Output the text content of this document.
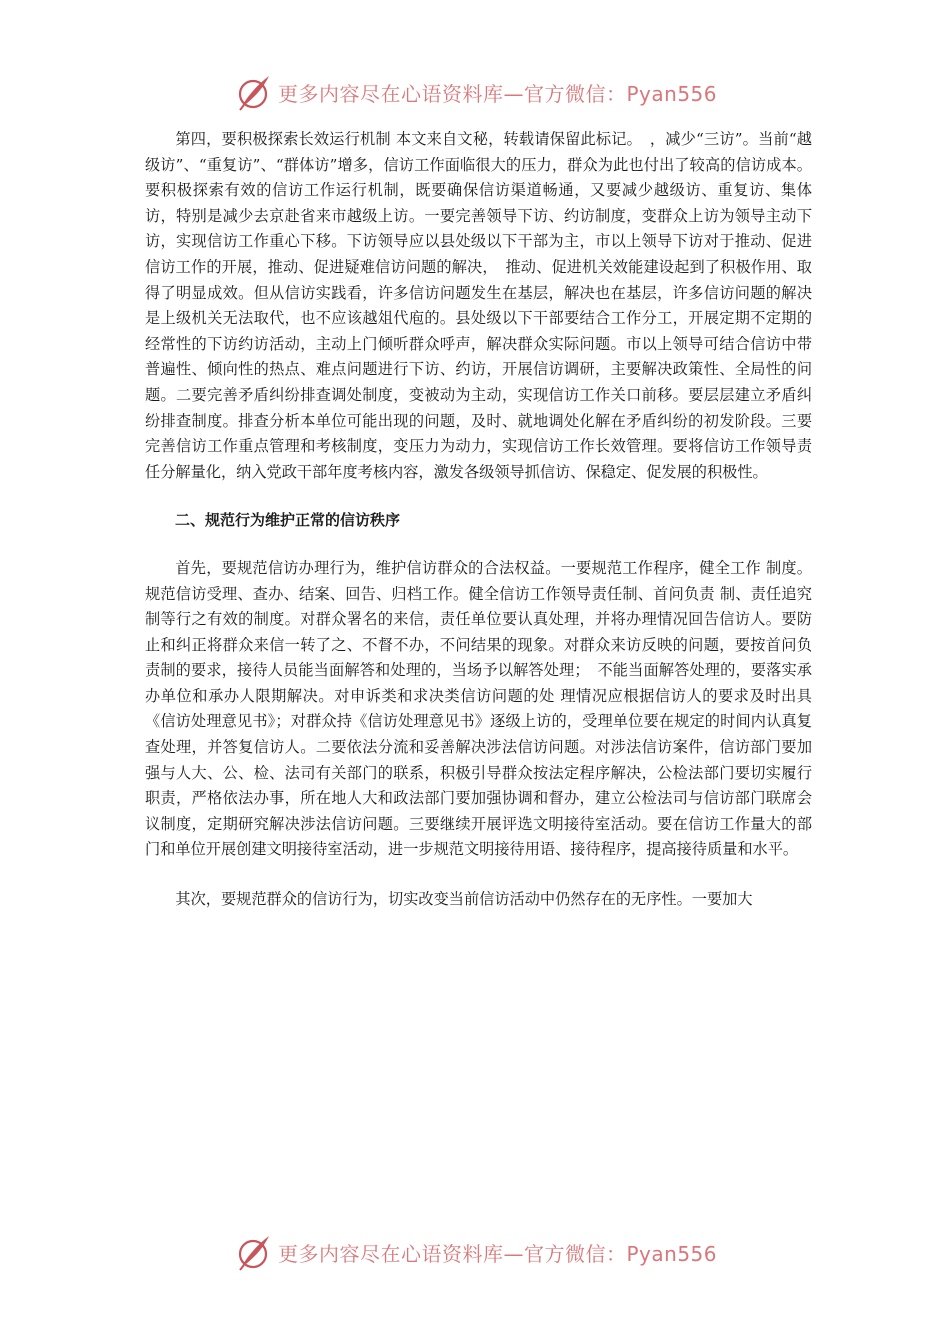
更多内容尽在心语资料库—官方微信：Pyan556

第四，要积极探索长效运行机制 本文来自文秘，转载请保留此标记。　，减少“三访”。当前“越级访”、“重复访”、“群体访”增多，信访工作面临很大的压力，群众为此也付出了较高的信访成本。要积极探索有效的信访工作运行机制，既要确保信访渠道畅通，又要减少越级访、重复访、集体访，特别是减少去京赴省来市越级上访。一要完善领导下访、约访制度，变群众上访为领导主动下访，实现信访工作重心下移。下访领导应以县处级以下干部为主，市以上领导下访对于推动、促进信访工作的开展，推动、促进疑难信访问题的解决，　推动、促进机关效能建设起到了积极作用、取得了明显成效。但从信访实践看，许多信访问题发生在基层，解决也在基层，许多信访问题的解决是上级机关无法取代，也不应该越俎代庖的。县处级以下干部要结合工作分工，开展定期不定期的经常性的下访约访活动，主动上门倾听群众呼声，解决群众实际问题。市以上领导可结合信访中带普遍性、倾向性的热点、难点问题进行下访、约访，开展信访调研，主要解决政策性、全局性的问题。二要完善矛盾纠纷排查调处制度，变被动为主动，实现信访工作关口前移。要层层建立矛盾纠纷排查制度。排查分析本单位可能出现的问题，及时、就地调处化解在矛盾纠纷的初发阶段。三要完善信访工作重点管理和考核制度，变压力为动力，实现信访工作长效管理。要将信访工作领导责任分解量化，纳入党政干部年度考核内容，激发各级领导抓信访、保稳定、促发展的积极性。

二、规范行为维护正常的信访秩序

首先，要规范信访办理行为，维护信访群众的合法权益。一要规范工作程序，健全工作 制度。规范信访受理、查办、结案、回告、归档工作。健全信访工作领导责任制、首问负责 制、责任追究制等行之有效的制度。对群众署名的来信，责任单位要认真处理，并将办理情况回告信访人。要防止和纠正将群众来信一转了之、不督不办，不问结果的现象。对群众来访反映的问题，要按首问负责制的要求，接待人员能当面解答和处理的，当场予以解答处理；　不能当面解答处理的，要落实承办单位和承办人限期解决。对申诉类和求决类信访问题的处 理情况应根据信访人的要求及时出具《信访处理意见书》；对群众持《信访处理意见书》逐级上访的，受理单位要在规定的时间内认真复查处理，并答复信访人。二要依法分流和妥善解决涉法信访问题。对涉法信访案件，信访部门要加强与人大、公、检、法司有关部门的联系，积极引导群众按法定程序解决，公检法部门要切实履行职责，严格依法办事，所在地人大和政法部门要加强协调和督办，建立公检法司与信访部门联席会议制度，定期研究解决涉法信访问题。三要继续开展评选文明接待室活动。要在信访工作量大的部门和单位开展创建文明接待室活动，进一步规范文明接待用语、接待程序，提高接待质量和水平。

其次，要规范群众的信访行为，切实改变当前信访活动中仍然存在的无序性。一要加大

更多内容尽在心语资料库—官方微信：Pyan556
